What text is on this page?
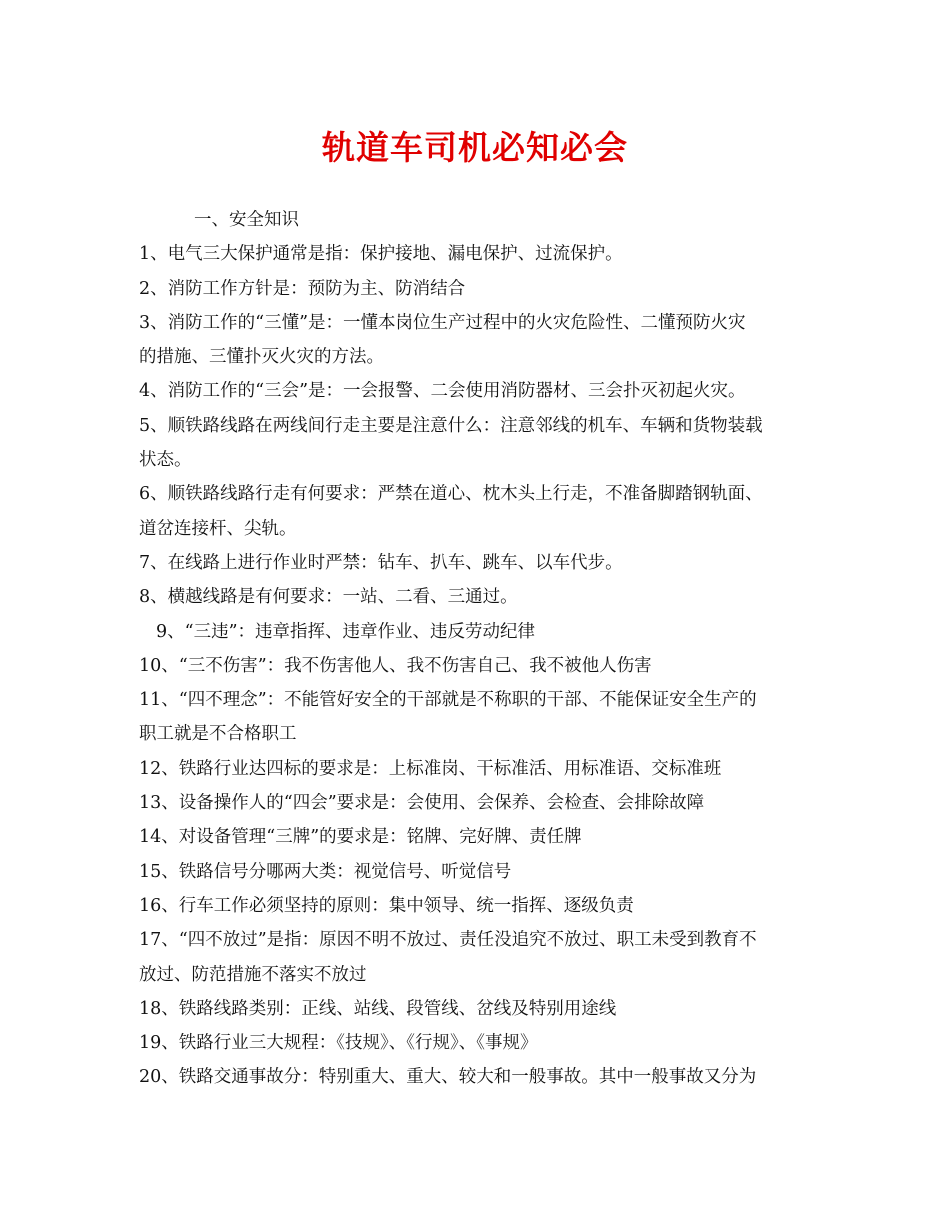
轨道车司机必知必会
一、安全知识
1、电气三大保护通常是指：保护接地、漏电保护、过流保护。
2、消防工作方针是：预防为主、防消结合
3、消防工作的“三懂”是：一懂本岗位生产过程中的火灾危险性、二懂预防火灾
的措施、三懂扑灭火灾的方法。
4、消防工作的“三会”是：一会报警、二会使用消防器材、三会扑灭初起火灾。
5、顺铁路线路在两线间行走主要是注意什么：注意邻线的机车、车辆和货物装载
状态。
6、顺铁路线路行走有何要求：严禁在道心、枕木头上行走，不准备脚踏钢轨面、
道岔连接杆、尖轨。
7、在线路上进行作业时严禁：钻车、扒车、跳车、以车代步。
8、横越线路是有何要求：一站、二看、三通过。
9、“三违”：违章指挥、违章作业、违反劳动纪律
10、“三不伤害”：我不伤害他人、我不伤害自己、我不被他人伤害
11、“四不理念”：不能管好安全的干部就是不称职的干部、不能保证安全生产的
职工就是不合格职工
12、铁路行业达四标的要求是：上标准岗、干标准活、用标准语、交标准班
13、设备操作人的“四会”要求是：会使用、会保养、会检查、会排除故障
14、对设备管理“三牌”的要求是：铭牌、完好牌、责任牌
15、铁路信号分哪两大类：视觉信号、听觉信号
16、行车工作必须坚持的原则：集中领导、统一指挥、逐级负责
17、“四不放过”是指：原因不明不放过、责任没追究不放过、职工未受到教育不
放过、防范措施不落实不放过
18、铁路线路类别：正线、站线、段管线、岔线及特别用途线
19、铁路行业三大规程：《技规》、《行规》、《事规》
20、铁路交通事故分：特别重大、重大、较大和一般事故。其中一般事故又分为
